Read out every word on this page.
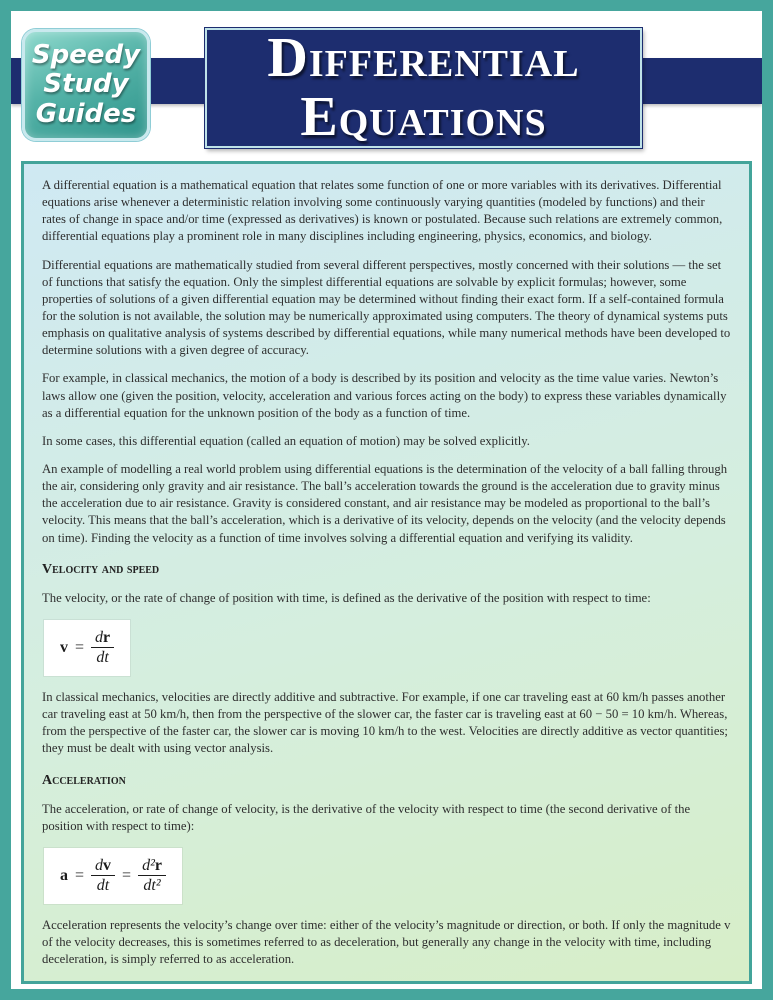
Speedy
Study
Guides
DIFFERENTIAL
EQUATIONS

A differential equation is a mathematical equation that relates some function of one or more variables with its derivatives. Differential equations arise whenever a deterministic relation involving some continuously varying quantities (modeled by functions) and their rates of change in space and/or time (expressed as derivatives) is known or postulated. Because such relations are extremely common, differential equations play a prominent role in many disciplines including engineering, physics, economics, and biology.

Differential equations are mathematically studied from several different perspectives, mostly concerned with their solutions — the set of functions that satisfy the equation. Only the simplest differential equations are solvable by explicit formulas; however, some properties of solutions of a given differential equation may be determined without finding their exact form. If a self-contained formula for the solution is not available, the solution may be numerically approximated using computers. The theory of dynamical systems puts emphasis on qualitative analysis of systems described by differential equations, while many numerical methods have been developed to determine solutions with a given degree of accuracy.

For example, in classical mechanics, the motion of a body is described by its position and velocity as the time value varies. Newton’s laws allow one (given the position, velocity, acceleration and various forces acting on the body) to express these variables dynamically as a differential equation for the unknown position of the body as a function of time.

In some cases, this differential equation (called an equation of motion) may be solved explicitly.

An example of modelling a real world problem using differential equations is the determination of the velocity of a ball falling through the air, considering only gravity and air resistance. The ball’s acceleration towards the ground is the acceleration due to gravity minus the acceleration due to air resistance. Gravity is considered constant, and air resistance may be modeled as proportional to the ball’s velocity. This means that the ball’s acceleration, which is a derivative of its velocity, depends on the velocity (and the velocity depends on time). Finding the velocity as a function of time involves solving a differential equation and verifying its validity.

Velocity and speed

The velocity, or the rate of change of position with time, is defined as the derivative of the position with respect to time:

$v = \frac{dr}{dt}$

In classical mechanics, velocities are directly additive and subtractive. For example, if one car traveling east at 60 km/h passes another car traveling east at 50 km/h, then from the perspective of the slower car, the faster car is traveling east at 60 − 50 = 10 km/h. Whereas, from the perspective of the faster car, the slower car is moving 10 km/h to the west. Velocities are directly additive as vector quantities; they must be dealt with using vector analysis.

Acceleration

The acceleration, or rate of change of velocity, is the derivative of the velocity with respect to time (the second derivative of the position with respect to time):

$a = \frac{dv}{dt} = \frac{\text{d²r}}{\text{dt²}}$

Acceleration represents the velocity’s change over time: either of the velocity’s magnitude or direction, or both. If only the magnitude v of the velocity decreases, this is sometimes referred to as deceleration, but generally any change in the velocity with time, including deceleration, is simply referred to as acceleration.
